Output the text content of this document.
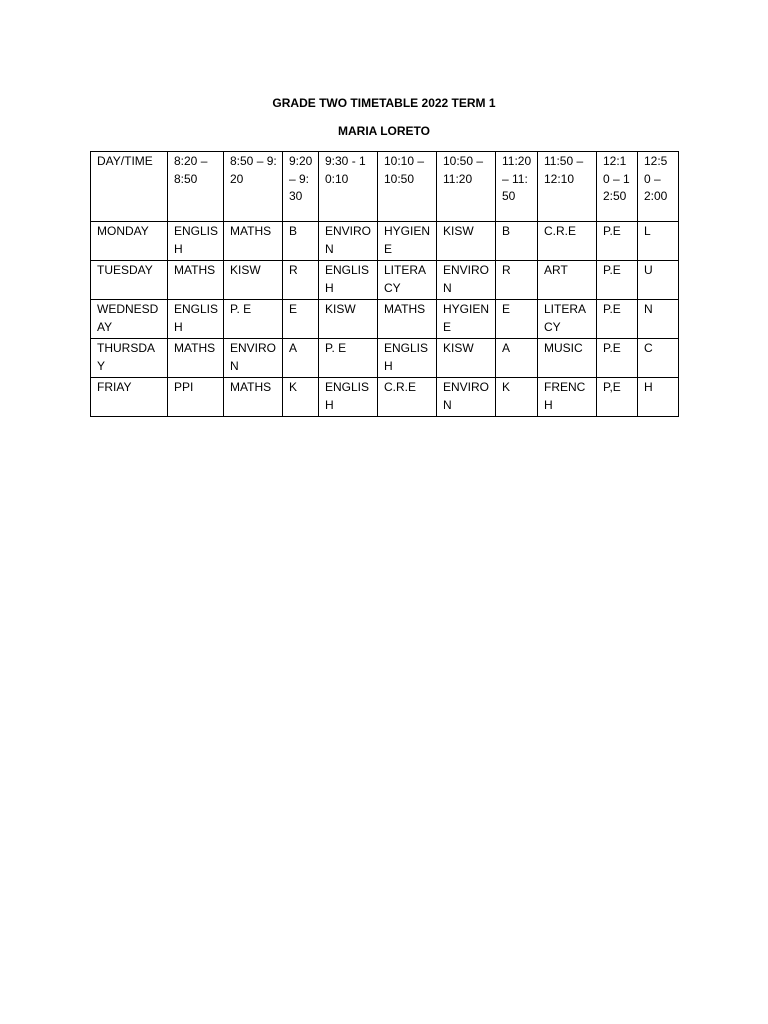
GRADE TWO TIMETABLE 2022 TERM 1
MARIA LORETO
DAY/TIME	8:20 – 8:50	8:50 – 9:20	9:20 – 9:30	9:30 - 10:10	10:10 – 10:50	10:50 – 11:20	11:20 – 11:50	11:50 – 12:10	12:10 – 12:50	12:50 – 2:00
MONDAY	ENGLISH	MATHS	B	ENVIRON	HYGIENE	KISW	B	C.R.E	P.E	L
TUESDAY	MATHS	KISW	R	ENGLISH	LITERACY	ENVIRON	R	ART	P.E	U
WEDNESDAY	ENGLISH	P. E	E	KISW	MATHS	HYGIENE	E	LITERACY	P.E	N
THURSDAY	MATHS	ENVIRON	A	P. E	ENGLISH	KISW	A	MUSIC	P.E	C
FRIAY	PPI	MATHS	K	ENGLISH	C.R.E	ENVIRON	K	FRENCH	P,E	H
